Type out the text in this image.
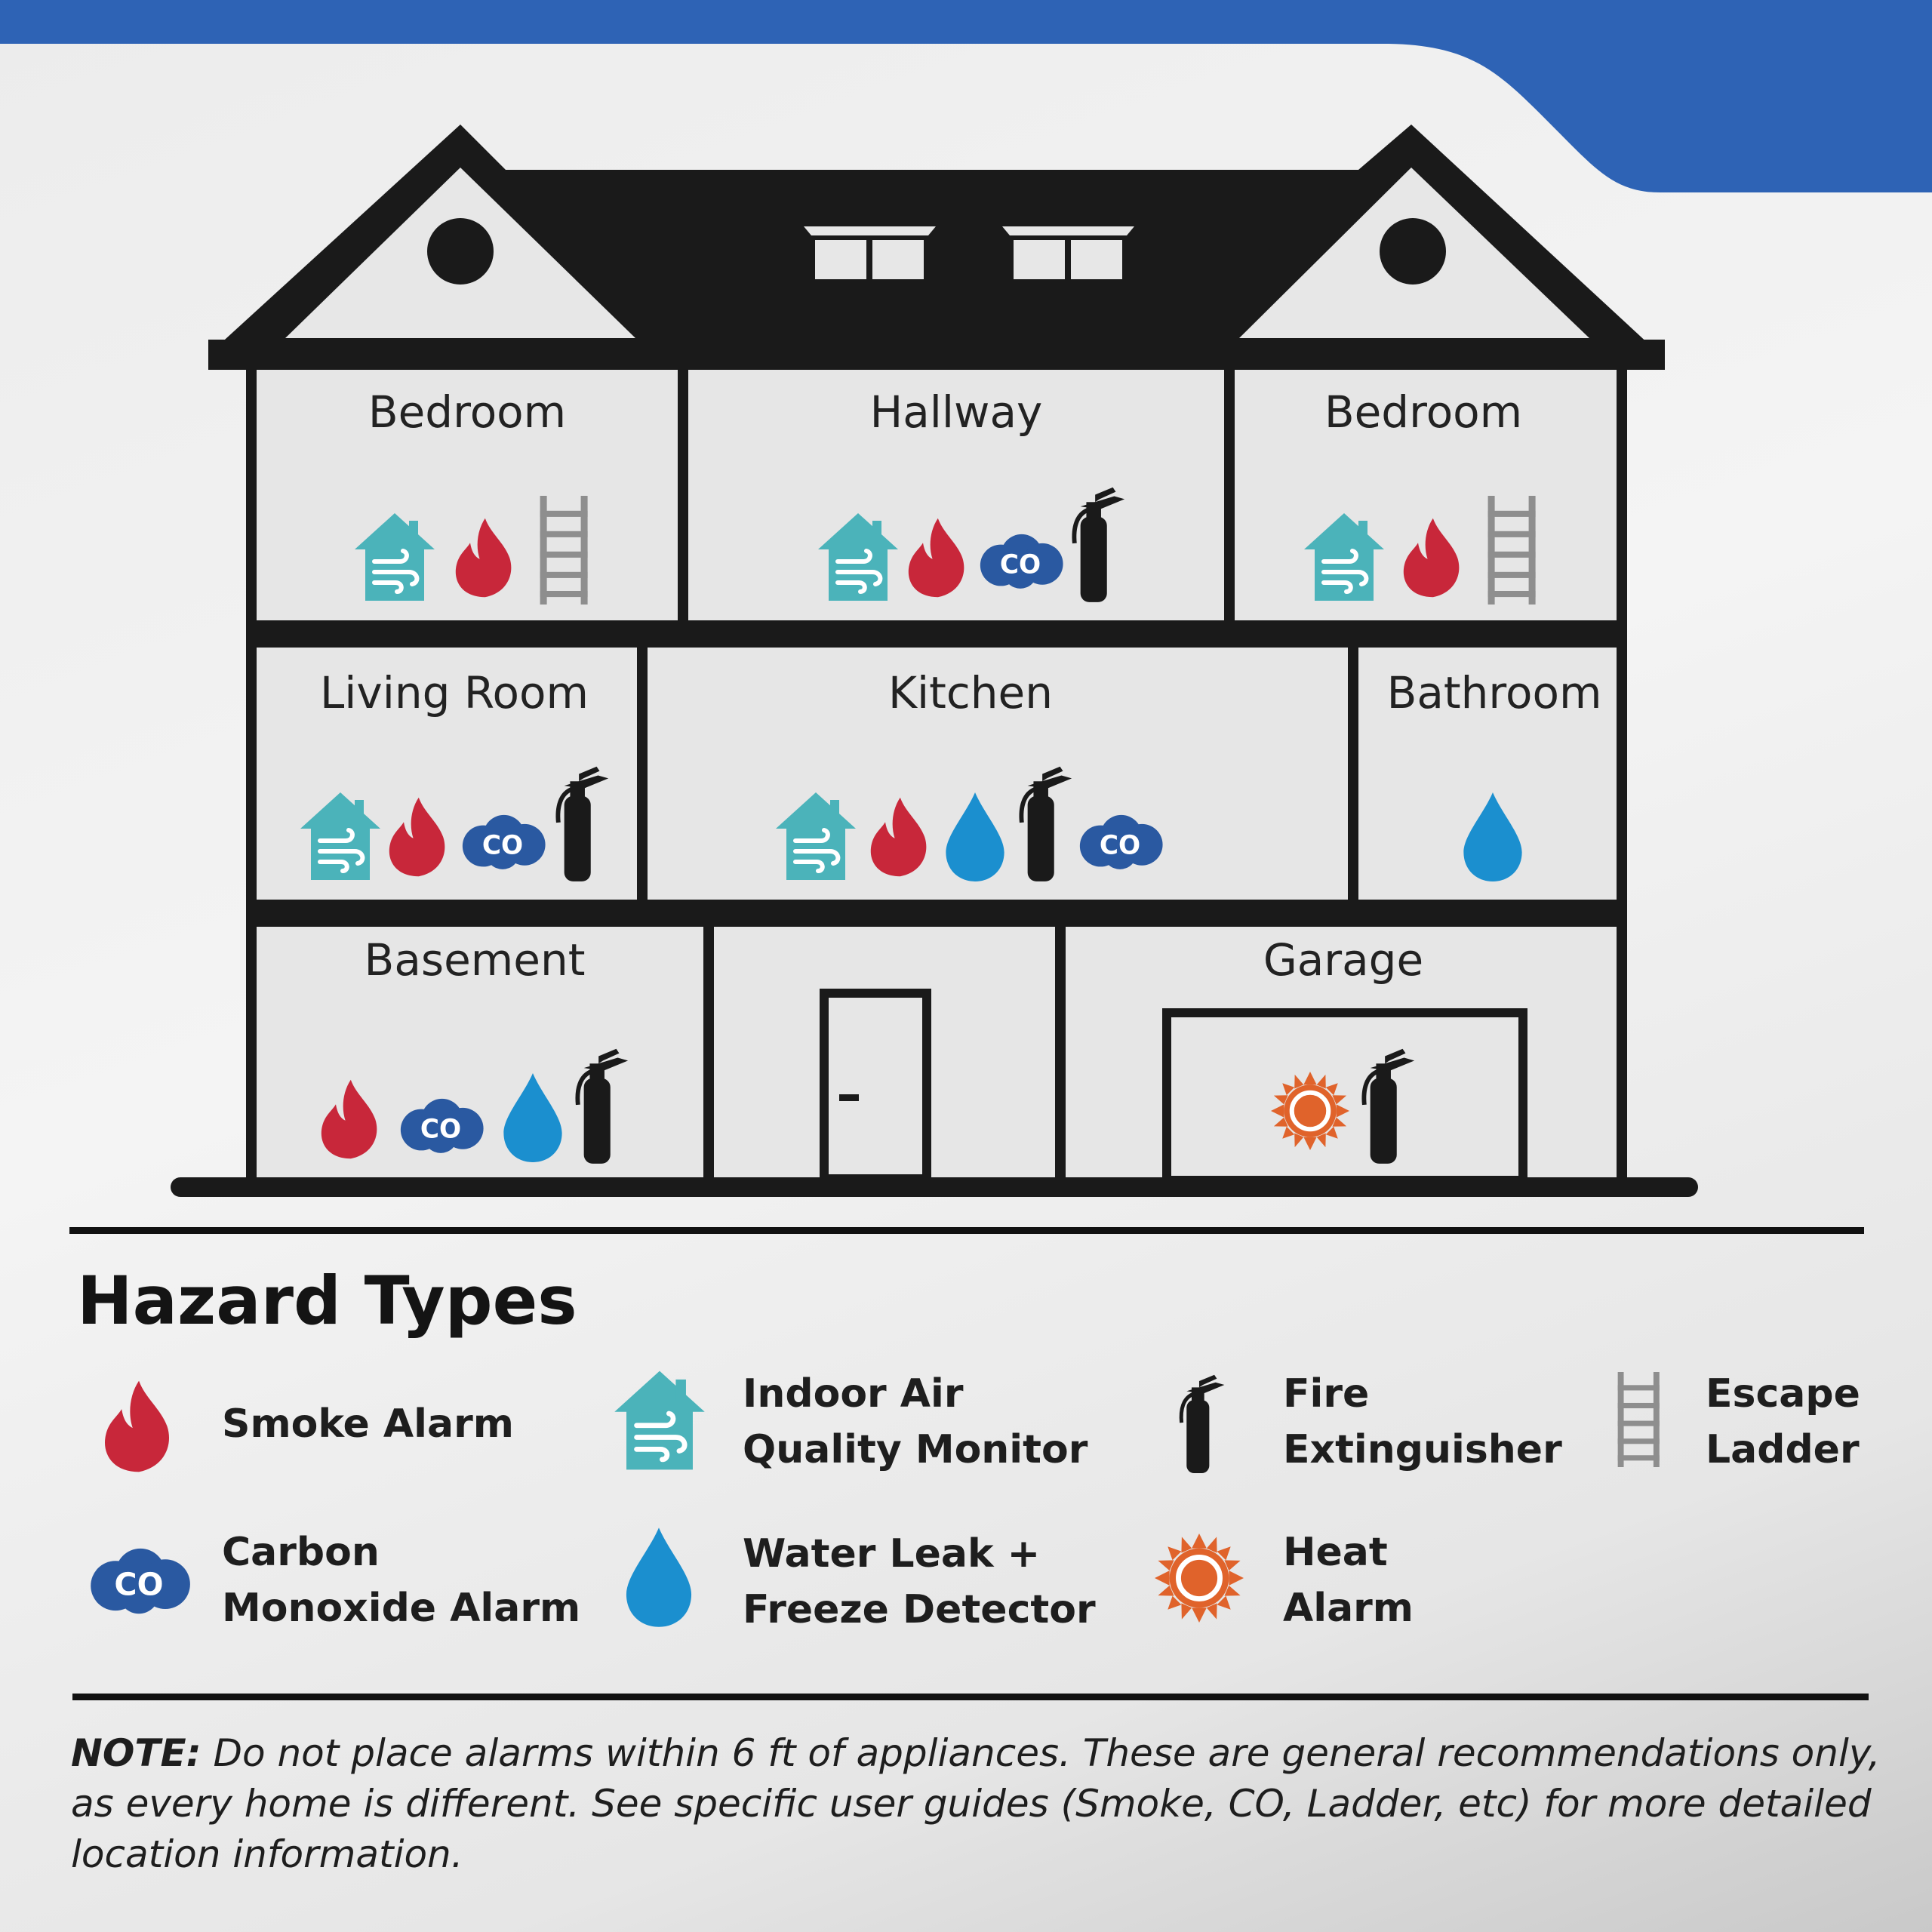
Bedroom	Hallway	Bedroom
Living Room	Kitchen	Bathroom
Basement	Garage
Hazard Types
Smoke Alarm
Indoor Air
Quality Monitor
Fire
Extinguisher
Escape
Ladder
Carbon
Monoxide Alarm
Water Leak +
Freeze Detector
Heat
Alarm
NOTE: Do not place alarms within 6 ft of appliances. These are general recommendations only, as every home is different. See specific user guides (Smoke, CO, Ladder, etc) for more detailed location information.
